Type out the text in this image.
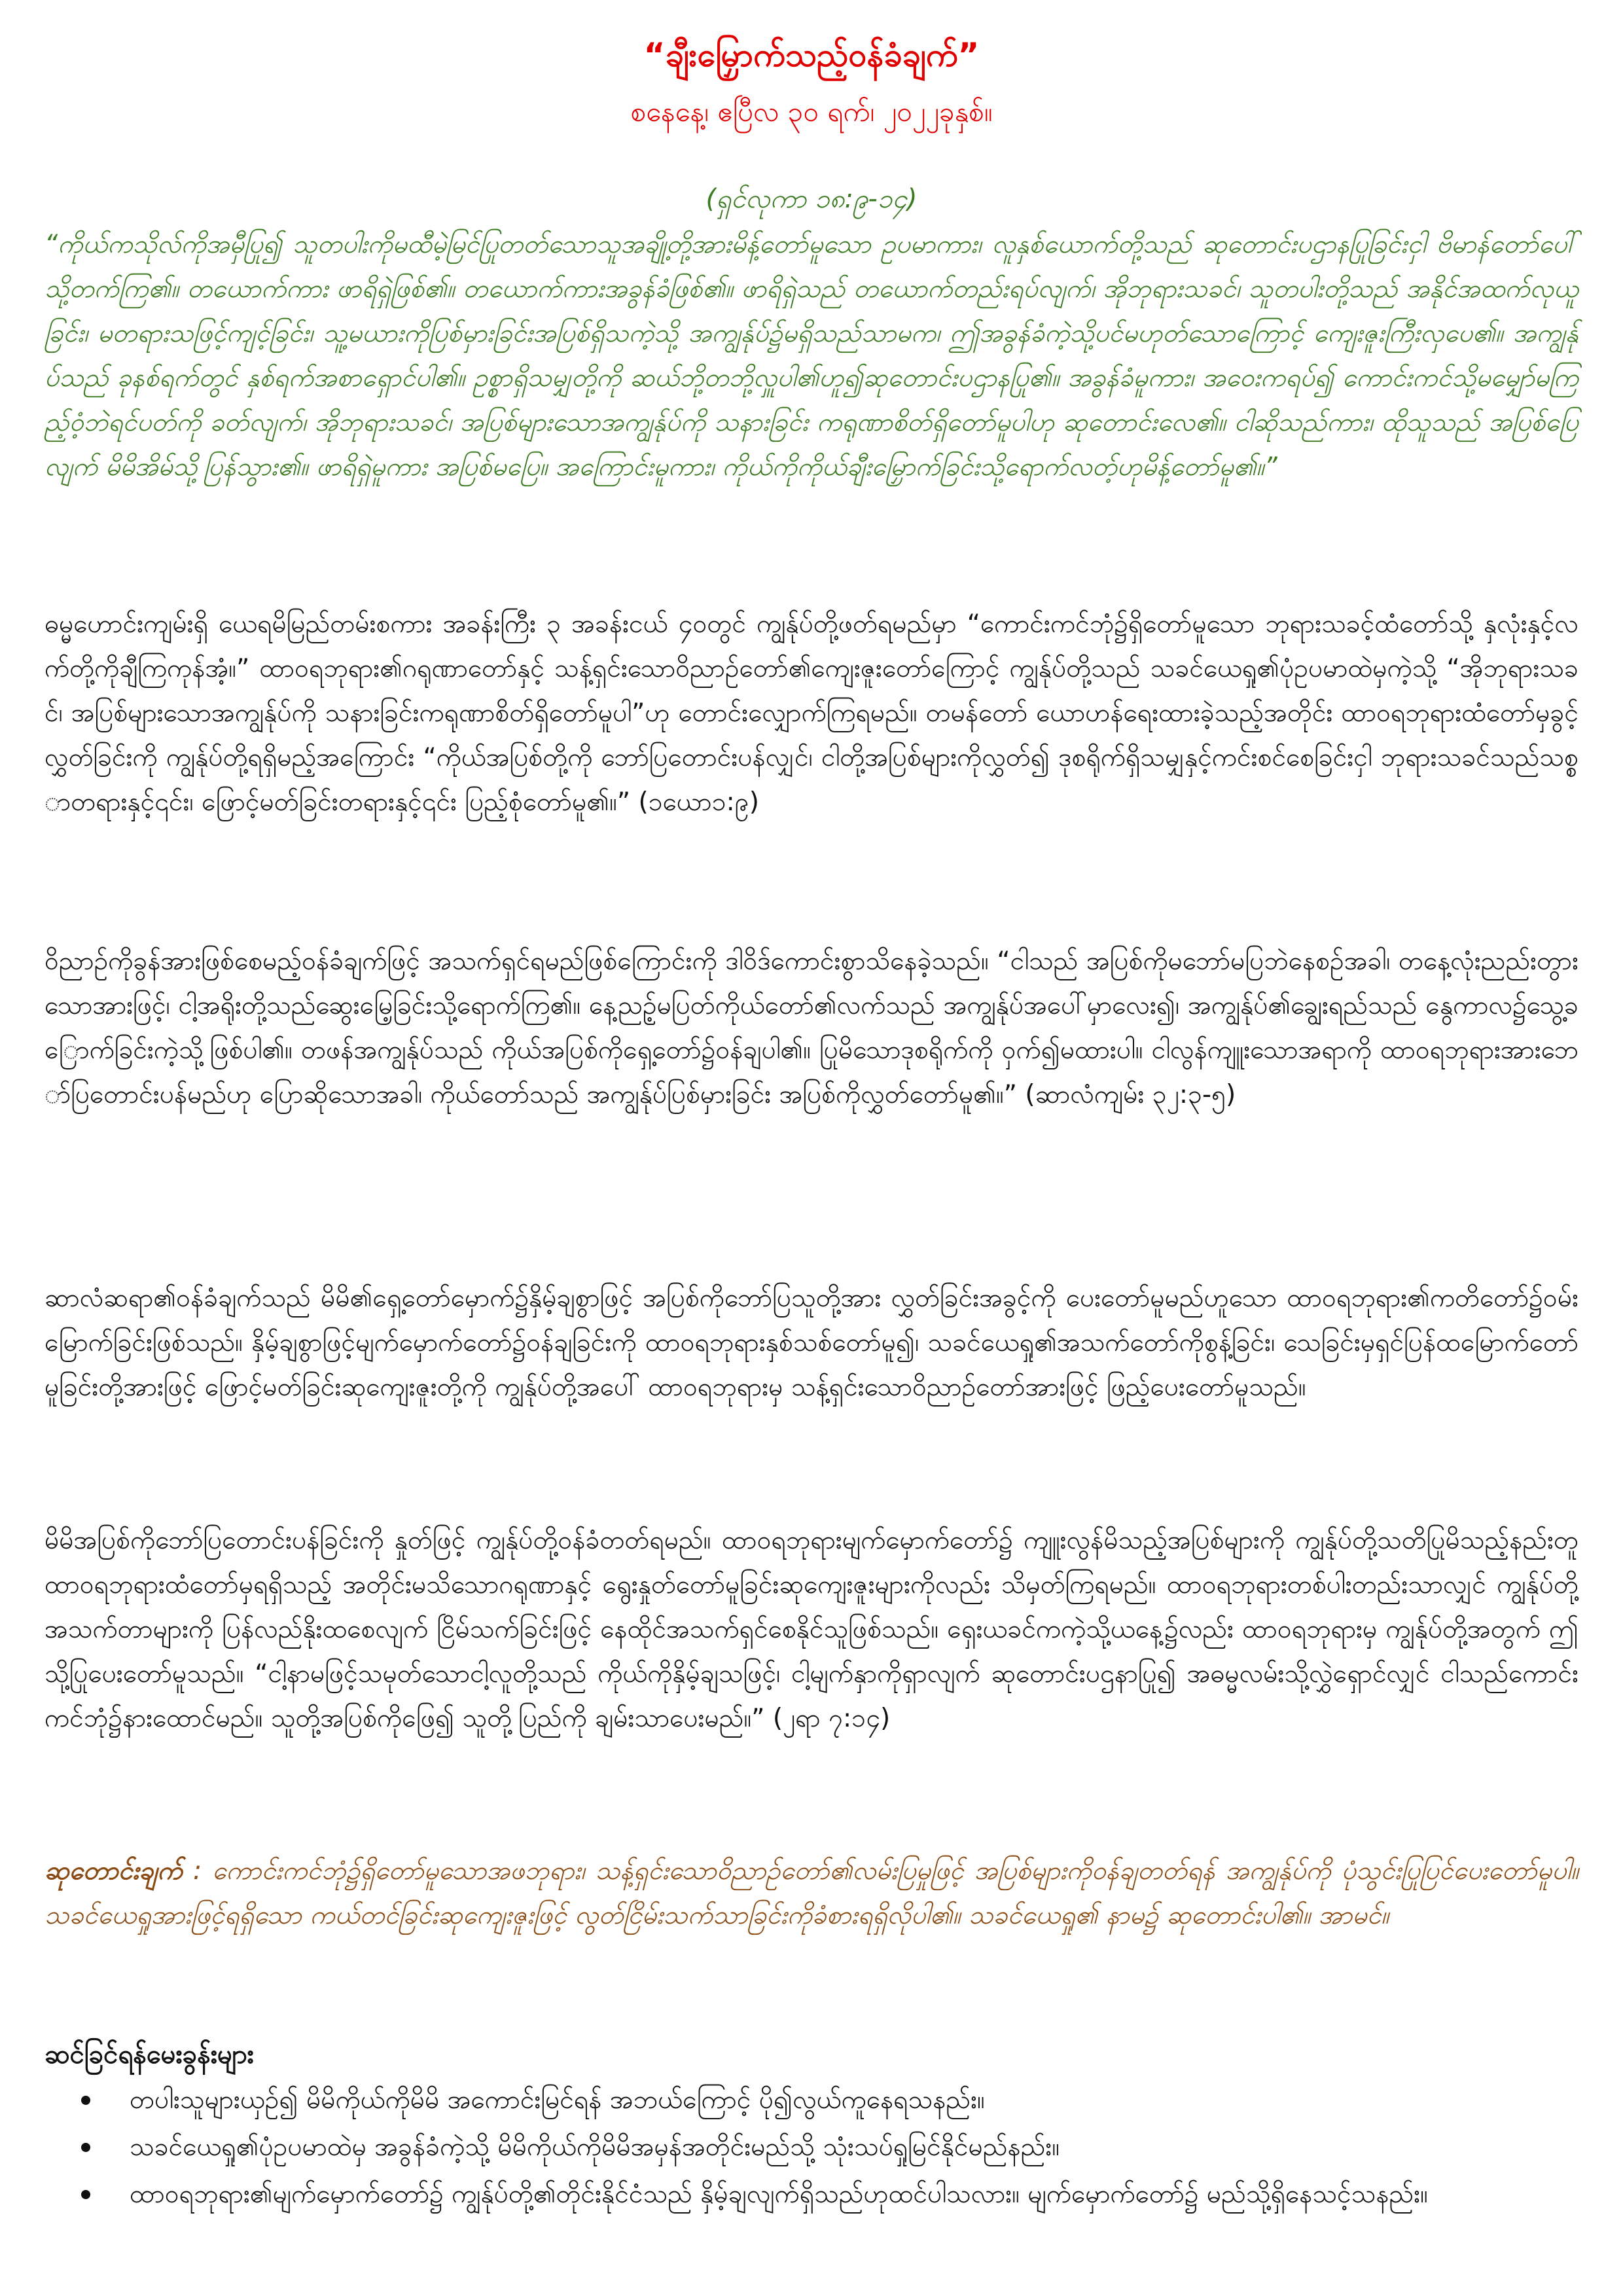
“ချီးမြှောက်သည့်ဝန်ခံချက်”
စနေနေ့၊ ဧပြီလ ၃၀ ရက်၊ ၂၀၂၂ခုနှစ်။
(ရှင်လုကာ ၁၈:၉-၁၄)

“ကိုယ်ကသိုလ်ကိုအမှီပြု၍ သူတပါးကိုမထီမဲ့မြင်ပြုတတ်သောသူအချို့တို့အားမိန့်တော်မူသော ဥပမာကား၊ လူနှစ်ယောက်တို့သည် ဆုတောင်းပဌာနပြုခြင်းငှါ ဗိမာန်တော်ပေါ်သို့တက်ကြ၏။ တယောက်ကား ဖာရိရှဲဖြစ်၏။ တယောက်ကားအခွန်ခံဖြစ်၏။ ဖာရိရှဲသည် တယောက်တည်းရပ်လျက်၊ အိုဘုရားသခင်၊ သူတပါးတို့သည် အနိုင်အထက်လုယူခြင်း၊ မတရားသဖြင့်ကျင့်ခြင်း၊ သူ့မယားကိုပြစ်မှားခြင်းအပြစ်ရှိသကဲ့သို့ အကျွန်ုပ်၌မရှိသည်သာမက၊ ဤအခွန်ခံကဲ့သို့ပင်မဟုတ်သောကြောင့် ကျေးဇူးကြီးလှပေ၏။ အကျွန်ုပ်သည် ခုနစ်ရက်တွင် နှစ်ရက်အစာရှောင်ပါ၏။ ဥစ္စာရှိသမျှတို့ကို ဆယ်ဘို့တဘို့လှူပါ၏ဟူ၍ဆုတောင်းပဌာနပြု၏။ အခွန်ခံမူကား၊ အဝေးကရပ်၍ ကောင်းကင်သို့မမျှော်မကြည့်ဝံ့ဘဲရင်ပတ်ကို ခတ်လျက်၊ အိုဘုရားသခင်၊ အပြစ်များသောအကျွန်ုပ်ကို သနားခြင်း ကရုဏာစိတ်ရှိတော်မူပါဟု ဆုတောင်းလေ၏။ ငါဆိုသည်ကား၊ ထိုသူသည် အပြစ်ပြေလျက် မိမိအိမ်သို့ပြန်သွား၏။ ဖာရိရှဲမူကား အပြစ်မပြေ။ အကြောင်းမူကား၊ ကိုယ်ကိုကိုယ်ချီးမြှောက်ခြင်းသို့ရောက်လတ့်ဟုမိန့်တော်မူ၏။”

ဓမ္မဟောင်းကျမ်းရှိ ယေရမိမြည်တမ်းစကား အခန်းကြီး ၃ အခန်းငယ် ၄၀တွင် ကျွန်ုပ်တို့ဖတ်ရမည်မှာ “ကောင်းကင်ဘုံ၌ရှိတော်မူသော ဘုရားသခင့်ထံတော်သို့ နှလုံးနှင့်လက်တို့ကိုချီကြကုန်အံ့။” ထာဝရဘုရား၏ဂရုဏာတော်နှင့် သန့်ရှင်းသောဝိညာဉ်တော်၏ကျေးဇူးတော်ကြောင့် ကျွန်ုပ်တို့သည် သခင်ယေရှု၏ပုံဥပမာထဲမှကဲ့သို့ “အိုဘုရားသခင်၊ အပြစ်များသောအကျွန်ုပ်ကို သနားခြင်းကရုဏာစိတ်ရှိတော်မူပါ”ဟု တောင်းလျှောက်ကြရမည်။ တမန်တော် ယောဟန်ရေးထားခဲ့သည့်အတိုင်း ထာဝရဘုရားထံတော်မှခွင့်လွှတ်ခြင်းကို ကျွန်ုပ်တို့ရရှိမည့်အကြောင်း “ကိုယ်အပြစ်တို့ကို ဘော်ပြတောင်းပန်လျှင်၊ ငါတို့အပြစ်များကိုလွှတ်၍ ဒုစရိုက်ရှိသမျှနှင့်ကင်းစင်စေခြင်းငှါ ဘုရားသခင်သည်သစ္စာတရားနှင့်၎င်း၊ ဖြောင့်မတ်ခြင်းတရားနှင့်၎င်း ပြည့်စုံတော်မူ၏။” (၁ယော၁:၉)

ဝိညာဉ်ကိုခွန်အားဖြစ်စေမည့်ဝန်ခံချက်ဖြင့် အသက်ရှင်ရမည်ဖြစ်ကြောင်းကို ဒါဝိဒ်ကောင်းစွာသိနေခဲ့သည်။ “ငါသည် အပြစ်ကိုမဘော်မပြဘဲနေစဉ်အခါ၊ တနေ့လုံးညည်းတွားသောအားဖြင့်၊ ငါ့အရိုးတို့သည်ဆွေးမြေ့ခြင်းသို့ရောက်ကြ၏။ နေ့ညဥ့်မပြတ်ကိုယ်တော်၏လက်သည် အကျွန်ုပ်အပေါ်မှာလေး၍၊ အကျွန်ုပ်၏ချွေးရည်သည် နွေကာလ၌သွေ့ခြောက်ခြင်းကဲ့သို့ဖြစ်ပါ၏။ တဖန်အကျွန်ုပ်သည် ကိုယ်အပြစ်ကိုရှေ့တော်၌ဝန်ချပါ၏။ ပြုမိသောဒုစရိုက်ကို ဝှက်၍မထားပါ။ ငါလွန်ကျူးသောအရာကို ထာဝရဘုရားအားဘော်ပြတောင်းပန်မည်ဟု ပြောဆိုသောအခါ၊ ကိုယ်တော်သည် အကျွန်ုပ်ပြစ်မှားခြင်း အပြစ်ကိုလွှတ်တော်မူ၏။” (ဆာလံကျမ်း ၃၂:၃-၅)

ဆာလံဆရာ၏ဝန်ခံချက်သည် မိမိ၏ရှေ့တော်မှောက်၌နှိမ့်ချစွာဖြင့် အပြစ်ကိုဘော်ပြသူတို့အား လွှတ်ခြင်းအခွင့်ကို ပေးတော်မူမည်ဟူသော ထာဝရဘုရား၏ကတိတော်၌ဝမ်းမြောက်ခြင်းဖြစ်သည်။ နှိမ့်ချစွာဖြင့်မျက်မှောက်တော်၌ဝန်ချခြင်းကို ထာဝရဘုရားနှစ်သစ်တော်မူ၍၊ သခင်ယေရှု၏အသက်တော်ကိုစွန့်ခြင်း၊ သေခြင်းမှရှင်ပြန်ထမြောက်တော်မူခြင်းတို့အားဖြင့် ဖြောင့်မတ်ခြင်းဆုကျေးဇူးတို့ကို ကျွန်ုပ်တို့အပေါ် ထာဝရဘုရားမှ သန့်ရှင်းသောဝိညာဉ်တော်အားဖြင့် ဖြည့်ပေးတော်မူသည်။

မိမိအပြစ်ကိုဘော်ပြတောင်းပန်ခြင်းကို နှုတ်ဖြင့် ကျွန်ုပ်တို့ဝန်ခံတတ်ရမည်။ ထာဝရဘုရားမျက်မှောက်တော်၌ ကျူးလွန်မိသည့်အပြစ်များကို ကျွန်ုပ်တို့သတိပြုမိသည့်နည်းတူ ထာဝရဘုရားထံတော်မှရရှိသည့် အတိုင်းမသိသောဂရုဏာနှင့် ရွေးနှုတ်တော်မူခြင်းဆုကျေးဇူးများကိုလည်း သိမှတ်ကြရမည်။ ထာဝရဘုရားတစ်ပါးတည်းသာလျှင် ကျွန်ုပ်တို့အသက်တာများကို ပြန်လည်နိုးထစေလျက် ငြိမ်သက်ခြင်းဖြင့် နေထိုင်အသက်ရှင်စေနိုင်သူဖြစ်သည်။ ရှေးယခင်ကကဲ့သို့ယနေ့၌လည်း ထာဝရဘုရားမှ ကျွန်ုပ်တို့အတွက် ဤသို့ပြုပေးတော်မူသည်။ “ငါ့နာမဖြင့်သမုတ်သောငါ့လူတို့သည် ကိုယ်ကိုနှိမ့်ချသဖြင့်၊ ငါ့မျက်နှာကိုရှာလျက် ဆုတောင်းပဌနာပြု၍ အဓမ္မလမ်းသို့လွှဲရှောင်လျှင် ငါသည်ကောင်းကင်ဘုံ၌နားထောင်မည်။ သူတို့အပြစ်ကိုဖြေ၍ သူတို့ပြည်ကို ချမ်းသာပေးမည်။” (၂ရာ ၇:၁၄)

ဆုတောင်းချက် : ကောင်းကင်ဘုံ၌ရှိတော်မူသောအဖဘုရား၊ သန့်ရှင်းသောဝိညာဉ်တော်၏လမ်းပြမှုဖြင့် အပြစ်များကိုဝန်ချတတ်ရန် အကျွန်ုပ်ကို ပုံသွင်းပြုပြင်ပေးတော်မူပါ။ သခင်ယေရှုအားဖြင့်ရရှိသော ကယ်တင်ခြင်းဆုကျေးဇူးဖြင့် လွတ်ငြိမ်းသက်သာခြင်းကိုခံစားရရှိလိုပါ၏။ သခင်ယေရှု၏ နာမ၌ ဆုတောင်းပါ၏။ အာမင်။

ဆင်ခြင်ရန်မေးခွန်းများ
တပါးသူများယှဉ်၍ မိမိကိုယ်ကိုမိမိ အကောင်းမြင်ရန် အဘယ်ကြောင့် ပို၍လွယ်ကူနေရသနည်း။
သခင်ယေရှု၏ပုံဥပမာထဲမှ အခွန်ခံကဲ့သို့ မိမိကိုယ်ကိုမိမိအမှန်အတိုင်းမည်သို့ သုံးသပ်ရှုမြင်နိုင်မည်နည်း။
ထာဝရဘုရား၏မျက်မှောက်တော်၌ ကျွန်ုပ်တို့၏တိုင်းနိုင်ငံသည် နှိမ့်ချလျက်ရှိသည်ဟုထင်ပါသလား။ မျက်မှောက်တော်၌ မည်သို့ရှိနေသင့်သနည်း။
